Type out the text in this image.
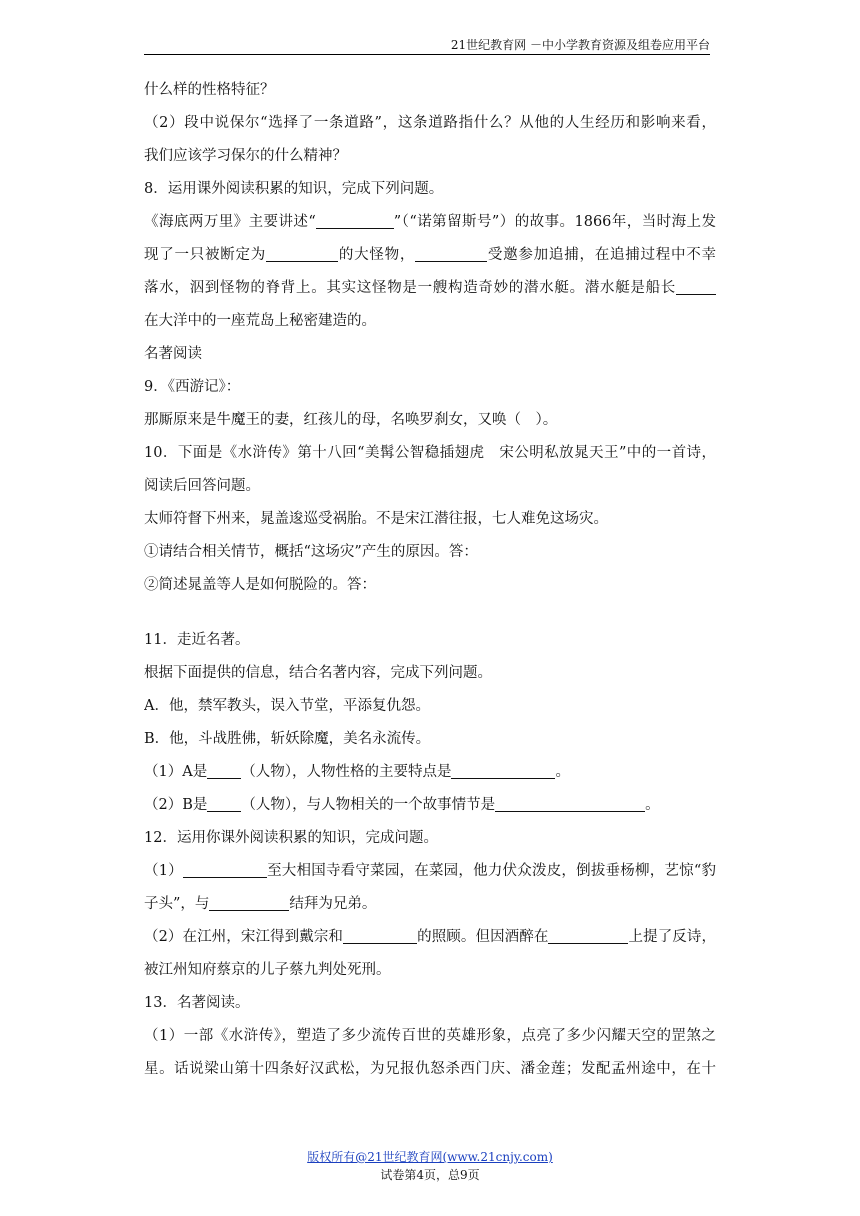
21世纪教育网 －中小学教育资源及组卷应用平台
什么样的性格特征？
（2）段中说保尔“选择了一条道路”，这条道路指什么？从他的人生经历和影响来看，
我们应该学习保尔的什么精神？
8．运用课外阅读积累的知识，完成下列问题。
《海底两万里》主要讲述“	”（“诺第留斯号”）的故事。1866年，当时海上发
现了一只被断定为	的大怪物，	受邀参加追捕，在追捕过程中不幸
落水，泅到怪物的脊背上。其实这怪物是一艘构造奇妙的潜水艇。潜水艇是船长
在大洋中的一座荒岛上秘密建造的。
名著阅读
9．《西游记》：
那厮原来是牛魔王的妻，红孩儿的母，名唤罗刹女，又唤（　）。
10．下面是《水浒传》第十八回“美髯公智稳插翅虎　宋公明私放晁天王”中的一首诗，
阅读后回答问题。
太师符督下州来，晁盖逡巡受祸胎。不是宋江潜往报，七人难免这场灾。
①请结合相关情节，概括“这场灾”产生的原因。答：
②简述晁盖等人是如何脱险的。答：
11．走近名著。
根据下面提供的信息，结合名著内容，完成下列问题。
A．他，禁军教头，误入节堂，平添复仇怨。
B．他，斗战胜佛，斩妖除魔，美名永流传。
（1）A是 （人物），人物性格的主要特点是	。
（2）B是 （人物），与人物相关的一个故事情节是	。
12．运用你课外阅读积累的知识，完成问题。
（1）	至大相国寺看守菜园，在菜园，他力伏众泼皮，倒拔垂杨柳，艺惊“豹
子头”，与	结拜为兄弟。
（2）在江州，宋江得到戴宗和	的照顾。但因酒醉在	上提了反诗，
被江州知府蔡京的儿子蔡九判处死刑。
13．名著阅读。
（1）一部《水浒传》，塑造了多少流传百世的英雄形象，点亮了多少闪耀天空的罡煞之
星。话说梁山第十四条好汉武松，为兄报仇怒杀西门庆、潘金莲；发配孟州途中，在十
版权所有@21世纪教育网(www.21cnjy.com)
试卷第4页，总9页
